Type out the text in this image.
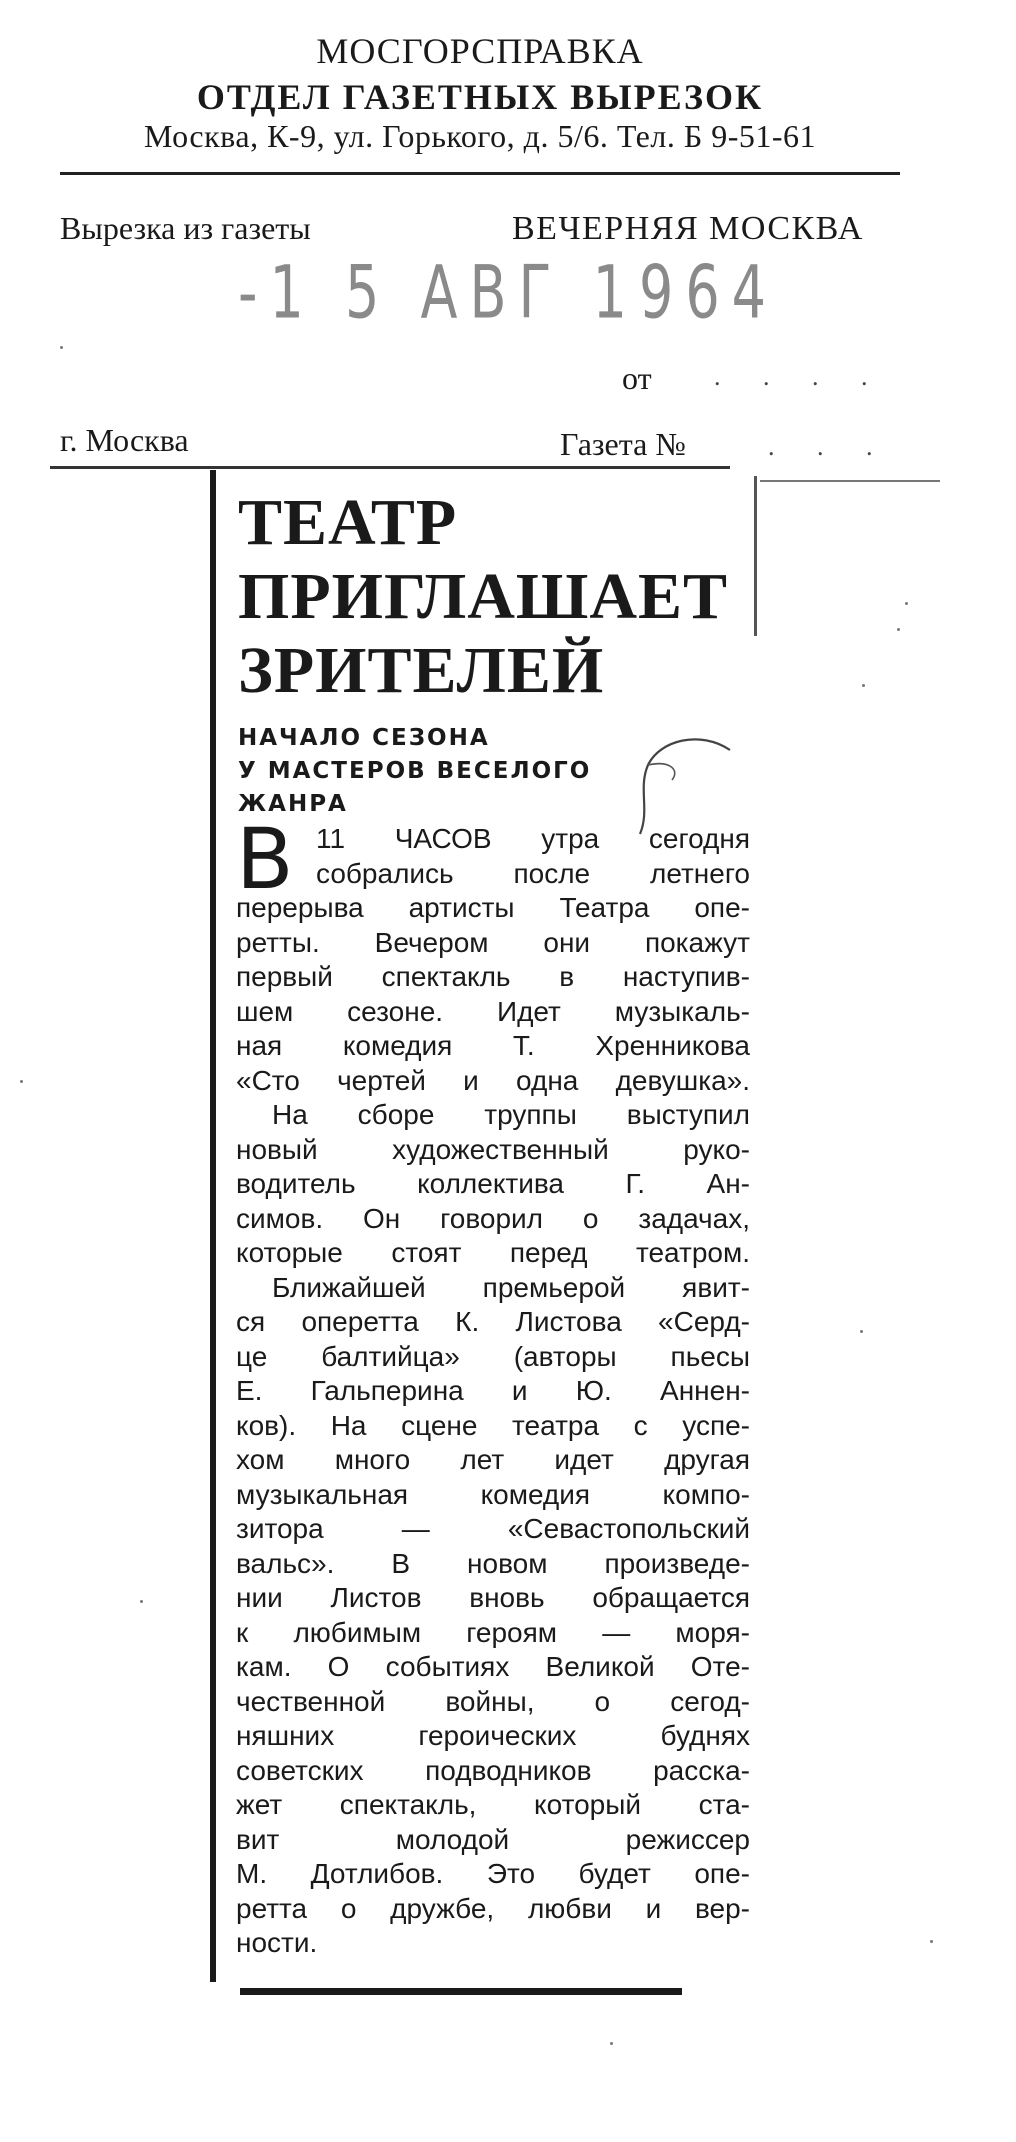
МОСГОРСПРАВКА
ОТДЕЛ ГАЗЕТНЫХ ВЫРЕЗОК
Москва, К-9, ул. Горького, д. 5/6. Тел. Б 9-51-61
Вырезка из газеты	ВЕЧЕРНЯЯ МОСКВА
-1 5 АВГ 1964
от . . . .
г. Москва	Газета №	. . .
ТЕАТР
ПРИГЛАШАЕТ
ЗРИТЕЛЕЙ
НАЧАЛО СЕЗОНА
У МАСТЕРОВ ВЕСЕЛОГО
ЖАНРА
В 11 ЧАСОВ утра сегодня
собрались после летнего
перерыва артисты Театра опе-
ретты. Вечером они покажут
первый спектакль в наступив-
шем сезоне. Идет музыкаль-
ная комедия Т. Хренникова
«Сто чертей и одна девушка».
На сборе труппы выступил
новый художественный руко-
водитель коллектива Г. Ан-
симов. Он говорил о задачах,
которые стоят перед театром.
Ближайшей премьерой явит-
ся оперетта К. Листова «Серд-
це балтийца» (авторы пьесы
Е. Гальперина и Ю. Аннен-
ков). На сцене театра с успе-
хом много лет идет другая
музыкальная комедия компо-
зитора — «Севастопольский
вальс». В новом произведе-
нии Листов вновь обращается
к любимым героям — моря-
кам. О событиях Великой Оте-
чественной войны, о сегод-
няшних героических буднях
советских подводников расска-
жет спектакль, который ста-
вит молодой режиссер
М. Дотлибов. Это будет опе-
ретта о дружбе, любви и вер-
ности.
